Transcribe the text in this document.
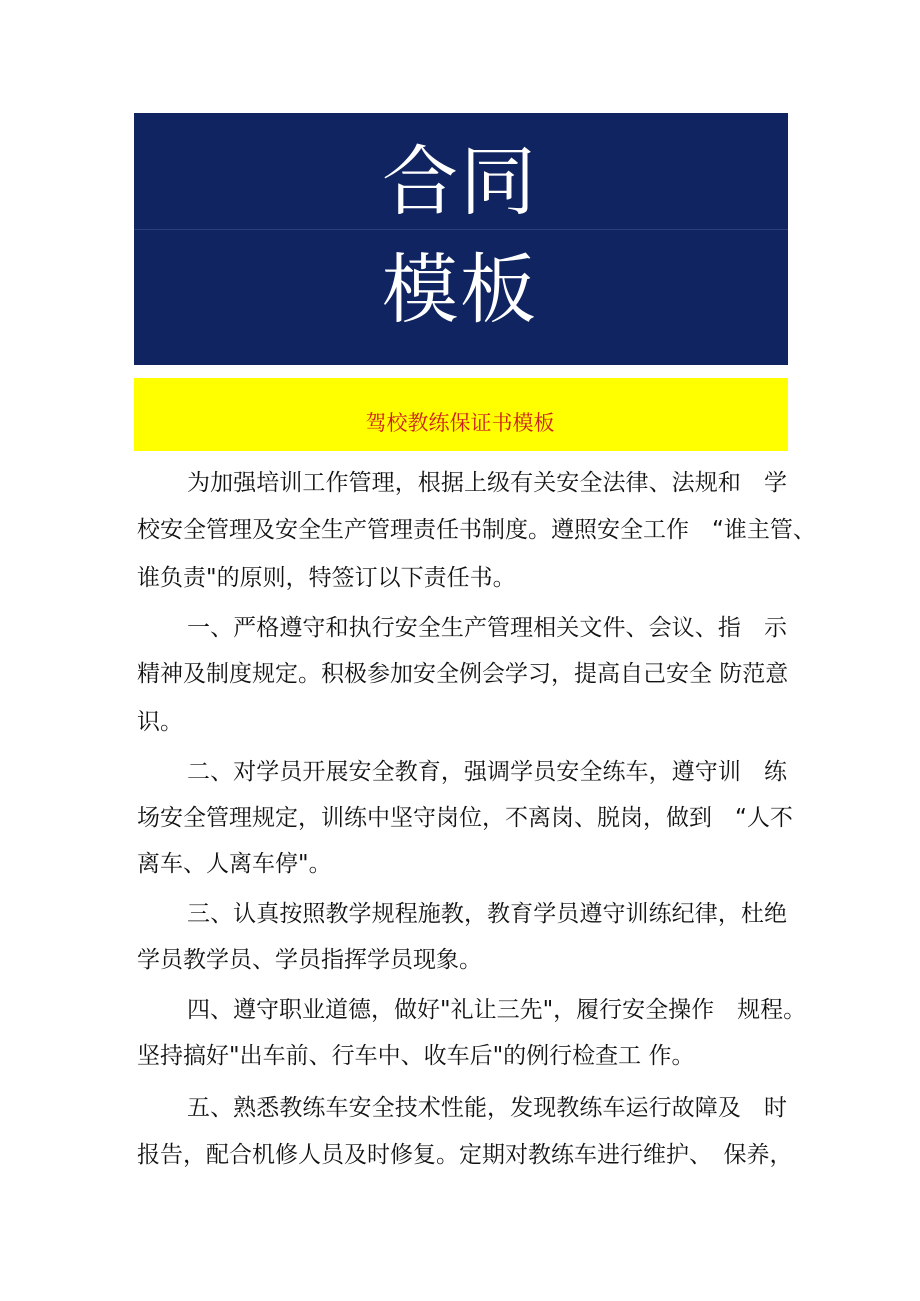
合同
模板
驾校教练保证书模板
为加强培训工作管理，根据上级有关安全法律、法规和　学
校安全管理及安全生产管理责任书制度。遵照安全工作　“谁主管、
谁负责"的原则，特签订以下责任书。
一、严格遵守和执行安全生产管理相关文件、会议、指　示
精神及制度规定。积极参加安全例会学习，提高自己安全 防范意
识。
二、对学员开展安全教育，强调学员安全练车，遵守训　练
场安全管理规定，训练中坚守岗位，不离岗、脱岗，做到　“人不
离车、人离车停"。
三、认真按照教学规程施教，教育学员遵守训练纪律，杜绝
学员教学员、学员指挥学员现象。
四、遵守职业道德，做好"礼让三先"，履行安全操作　规程。
坚持搞好"出车前、行车中、收车后"的例行检查工 作。
五、熟悉教练车安全技术性能，发现教练车运行故障及　时
报告，配合机修人员及时修复。定期对教练车进行维护、　保养，
